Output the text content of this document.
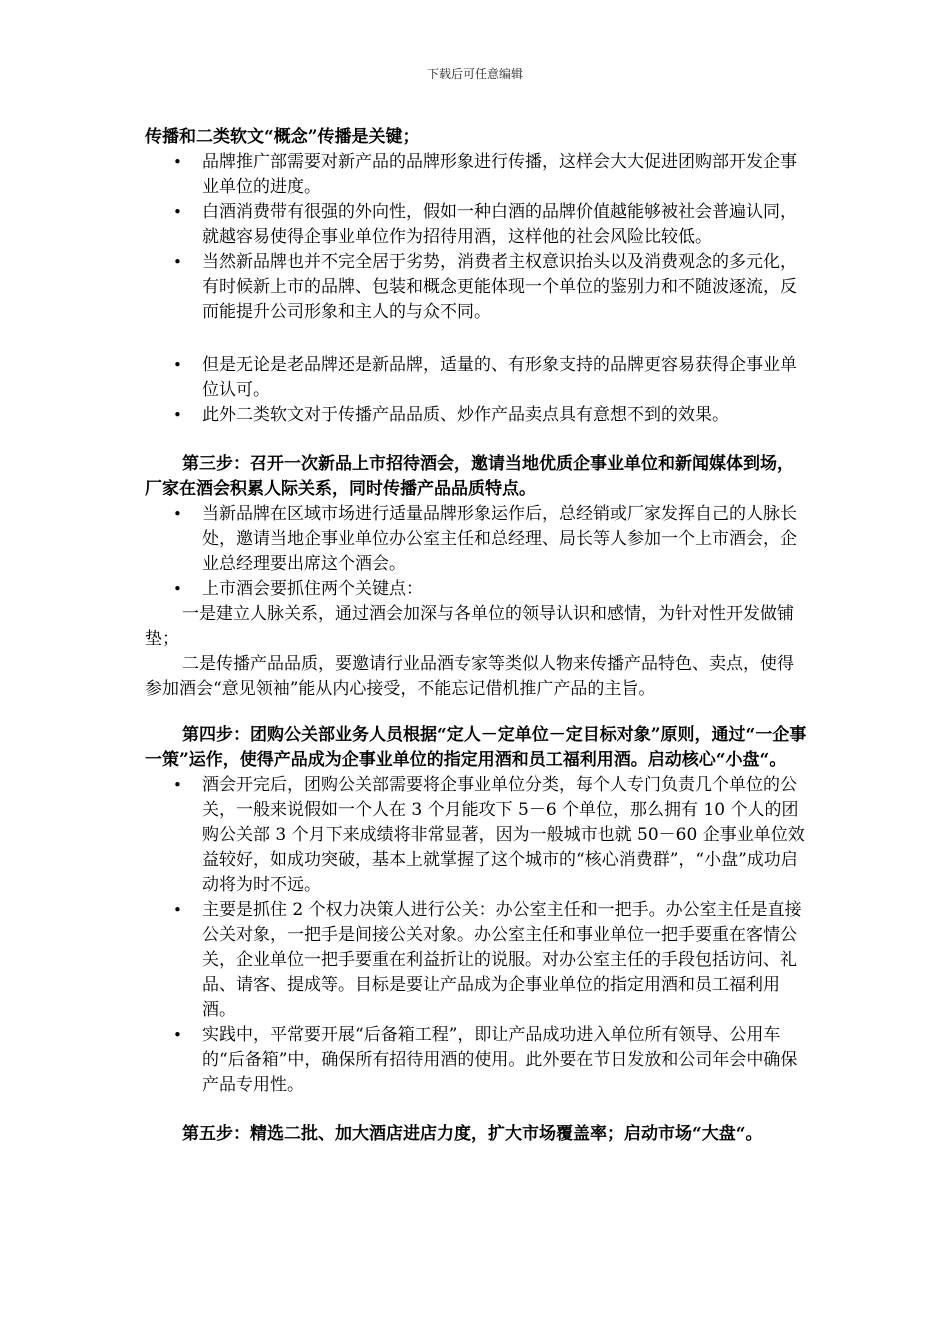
下载后可任意编辑

传播和二类软文“概念”传播是关键；

• 品牌推广部需要对新产品的品牌形象进行传播，这样会大大促进团购部开发企事业单位的进度。
• 白酒消费带有很强的外向性，假如一种白酒的品牌价值越能够被社会普遍认同，就越容易使得企事业单位作为招待用酒，这样他的社会风险比较低。
• 当然新品牌也并不完全居于劣势，消费者主权意识抬头以及消费观念的多元化，有时候新上市的品牌、包装和概念更能体现一个单位的鉴别力和不随波逐流，反而能提升公司形象和主人的与众不同。
• 但是无论是老品牌还是新品牌，适量的、有形象支持的品牌更容易获得企事业单位认可。
• 此外二类软文对于传播产品品质、炒作产品卖点具有意想不到的效果。

第三步：召开一次新品上市招待酒会，邀请当地优质企事业单位和新闻媒体到场，厂家在酒会积累人际关系，同时传播产品品质特点。

• 当新品牌在区域市场进行适量品牌形象运作后，总经销或厂家发挥自己的人脉长处，邀请当地企事业单位办公室主任和总经理、局长等人参加一个上市酒会，企业总经理要出席这个酒会。
• 上市酒会要抓住两个关键点：

一是建立人脉关系，通过酒会加深与各单位的领导认识和感情，为针对性开发做铺垫；

二是传播产品品质，要邀请行业品酒专家等类似人物来传播产品特色、卖点，使得参加酒会“意见领袖”能从内心接受，不能忘记借机推广产品的主旨。

第四步：团购公关部业务人员根据“定人－定单位－定目标对象”原则，通过“一企事一策”运作，使得产品成为企事业单位的指定用酒和员工福利用酒。启动核心“小盘“。

• 酒会开完后，团购公关部需要将企事业单位分类，每个人专门负责几个单位的公关，一般来说假如一个人在 3 个月能攻下 5－6 个单位，那么拥有 10 个人的团购公关部 3 个月下来成绩将非常显著，因为一般城市也就 50－60 企事业单位效益较好，如成功突破，基本上就掌握了这个城市的“核心消费群”，“小盘”成功启动将为时不远。
• 主要是抓住 2 个权力决策人进行公关：办公室主任和一把手。办公室主任是直接公关对象，一把手是间接公关对象。办公室主任和事业单位一把手要重在客情公关，企业单位一把手要重在利益折让的说服。对办公室主任的手段包括访问、礼品、请客、提成等。目标是要让产品成为企事业单位的指定用酒和员工福利用酒。
• 实践中，平常要开展“后备箱工程”，即让产品成功进入单位所有领导、公用车的“后备箱”中，确保所有招待用酒的使用。此外要在节日发放和公司年会中确保产品专用性。

第五步：精选二批、加大酒店进店力度，扩大市场覆盖率；启动市场“大盘“。
